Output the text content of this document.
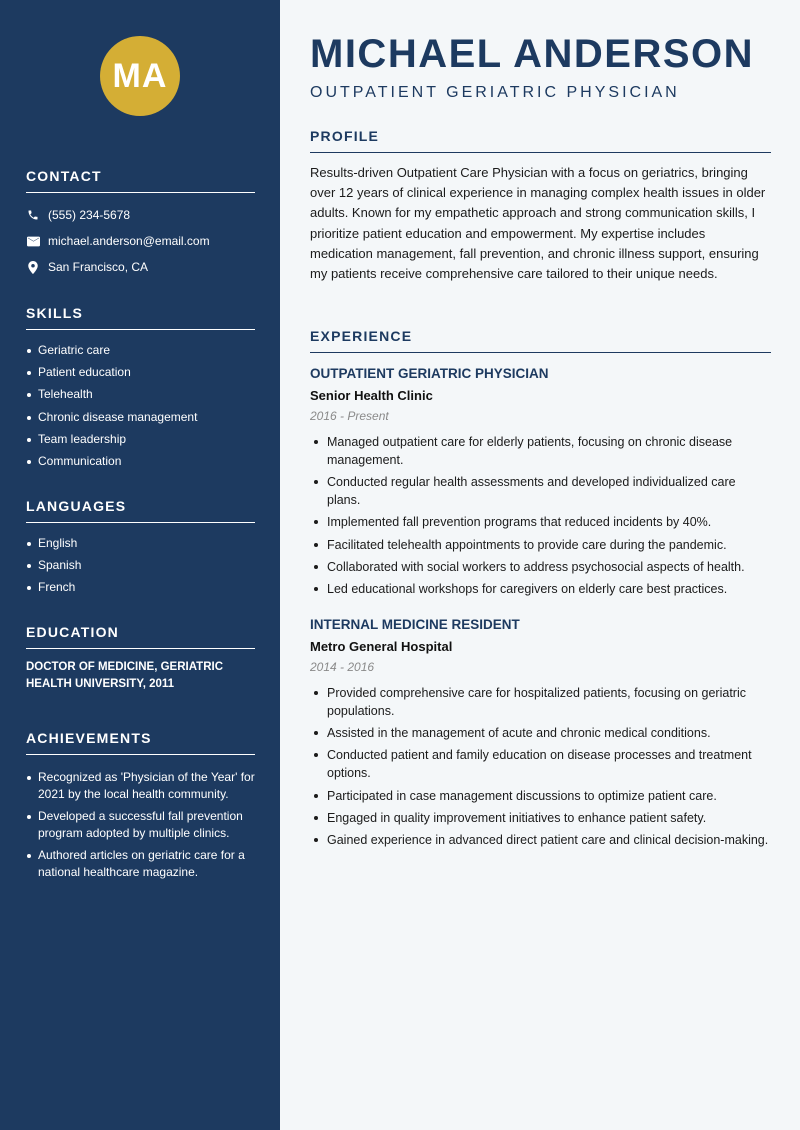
MA
CONTACT
(555) 234-5678
michael.anderson@email.com
San Francisco, CA
SKILLS
Geriatric care
Patient education
Telehealth
Chronic disease management
Team leadership
Communication
LANGUAGES
English
Spanish
French
EDUCATION
DOCTOR OF MEDICINE, GERIATRIC HEALTH UNIVERSITY, 2011
ACHIEVEMENTS
Recognized as 'Physician of the Year' for 2021 by the local health community.
Developed a successful fall prevention program adopted by multiple clinics.
Authored articles on geriatric care for a national healthcare magazine.
MICHAEL ANDERSON
OUTPATIENT GERIATRIC PHYSICIAN
PROFILE

Results-driven Outpatient Care Physician with a focus on geriatrics, bringing over 12 years of clinical experience in managing complex health issues in older adults. Known for my empathetic approach and strong communication skills, I prioritize patient education and empowerment. My expertise includes medication management, fall prevention, and chronic illness support, ensuring my patients receive comprehensive care tailored to their unique needs.

EXPERIENCE
OUTPATIENT GERIATRIC PHYSICIAN
Senior Health Clinic
2016 - Present
Managed outpatient care for elderly patients, focusing on chronic disease management.
Conducted regular health assessments and developed individualized care plans.
Implemented fall prevention programs that reduced incidents by 40%.
Facilitated telehealth appointments to provide care during the pandemic.
Collaborated with social workers to address psychosocial aspects of health.
Led educational workshops for caregivers on elderly care best practices.
INTERNAL MEDICINE RESIDENT
Metro General Hospital
2014 - 2016
Provided comprehensive care for hospitalized patients, focusing on geriatric populations.
Assisted in the management of acute and chronic medical conditions.
Conducted patient and family education on disease processes and treatment options.
Participated in case management discussions to optimize patient care.
Engaged in quality improvement initiatives to enhance patient safety.
Gained experience in advanced direct patient care and clinical decision-making.
